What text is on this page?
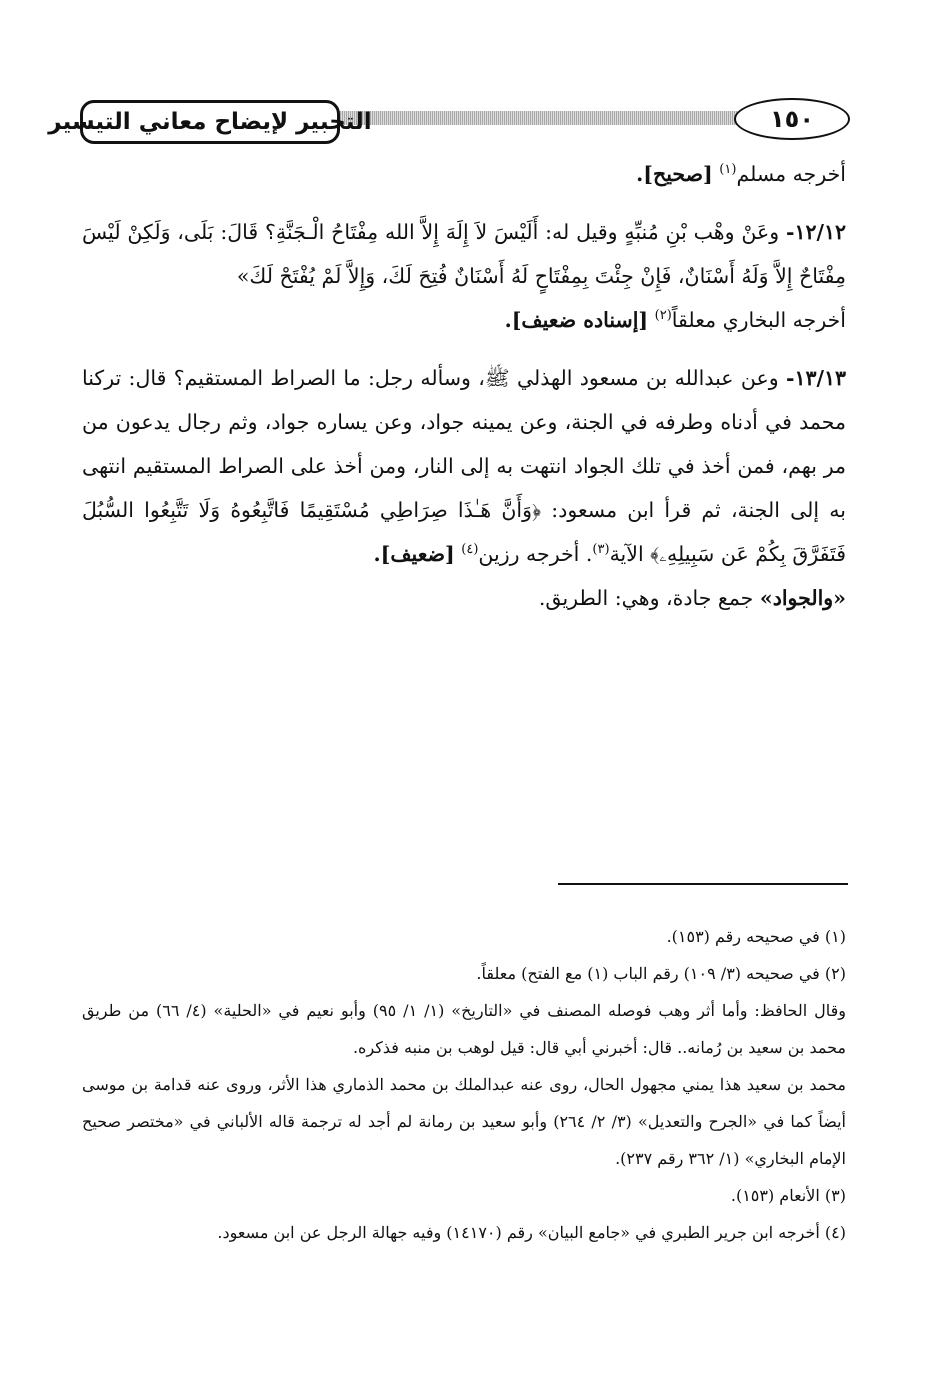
التحبير لإيضاح معاني التيسير	١٥٠

أخرجه مسلم$^{(١)}$ [صحيح].

١٢/١٢- وعَنْ وهْب بْنِ مُنبِّهٍ وقيل له: أَلَيْسَ لاَ إِلَهَ إِلاَّ الله مِفْتَاحُ الْـجَنَّةِ؟ قَالَ: بَلَى، وَلَكِنْ لَيْسَ مِفْتَاحٌ إِلاَّ وَلَهُ أَسْنَانٌ، فَإِنْ جِئْتَ بِمِفْتَاحٍ لَهُ أَسْنَانٌ فُتِحَ لَكَ، وَإِلاَّ لَمْ يُفْتَحْ لَكَ»
أخرجه البخاري معلقاً$^{(٢)}$ [إسناده ضعيف].

١٣/١٣- وعن عبدالله بن مسعود الهذلي ﷺ، وسأله رجل: ما الصراط المستقيم؟ قال: تركنا محمد في أدناه وطرفه في الجنة، وعن يمينه جواد، وعن يساره جواد، وثم رجال يدعون من مر بهم، فمن أخذ في تلك الجواد انتهت به إلى النار، ومن أخذ على الصراط المستقيم انتهى به إلى الجنة، ثم قرأ ابن مسعود: ﴿وَأَنَّ هَـٰذَا صِرَاطِي مُسْتَقِيمًا فَاتَّبِعُوهُ وَلَا تَتَّبِعُوا السُّبُلَ فَتَفَرَّقَ بِكُمْ عَن سَبِيلِهِۦ﴾ الآية$^{(٣)}$. أخرجه رزين$^{(٤)}$ [ضعيف].

«والجواد» جمع جادة، وهي: الطريق.

(١) في صحيحه رقم (١٥٣).

(٢) في صحيحه (٣/ ١٠٩) رقم الباب (١) مع الفتح) معلقاً.

وقال الحافظ: وأما أثر وهب فوصله المصنف في «التاريخ» (١/ ١/ ٩٥) وأبو نعيم في «الحلية» (٤/ ٦٦) من طريق محمد بن سعيد بن رُمانه.. قال: أخبرني أبي قال: قيل لوهب بن منبه فذكره.

محمد بن سعيد هذا يمني مجهول الحال، روى عنه عبدالملك بن محمد الذماري هذا الأثر، وروى عنه قدامة بن موسى أيضاً كما في «الجرح والتعديل» (٣/ ٢/ ٢٦٤) وأبو سعيد بن رمانة لم أجد له ترجمة قاله الألباني في «مختصر صحيح الإمام البخاري» (١/ ٣٦٢ رقم ٢٣٧).

(٣) الأنعام (١٥٣).

(٤) أخرجه ابن جرير الطبري في «جامع البيان» رقم (١٤١٧٠) وفيه جهالة الرجل عن ابن مسعود.
